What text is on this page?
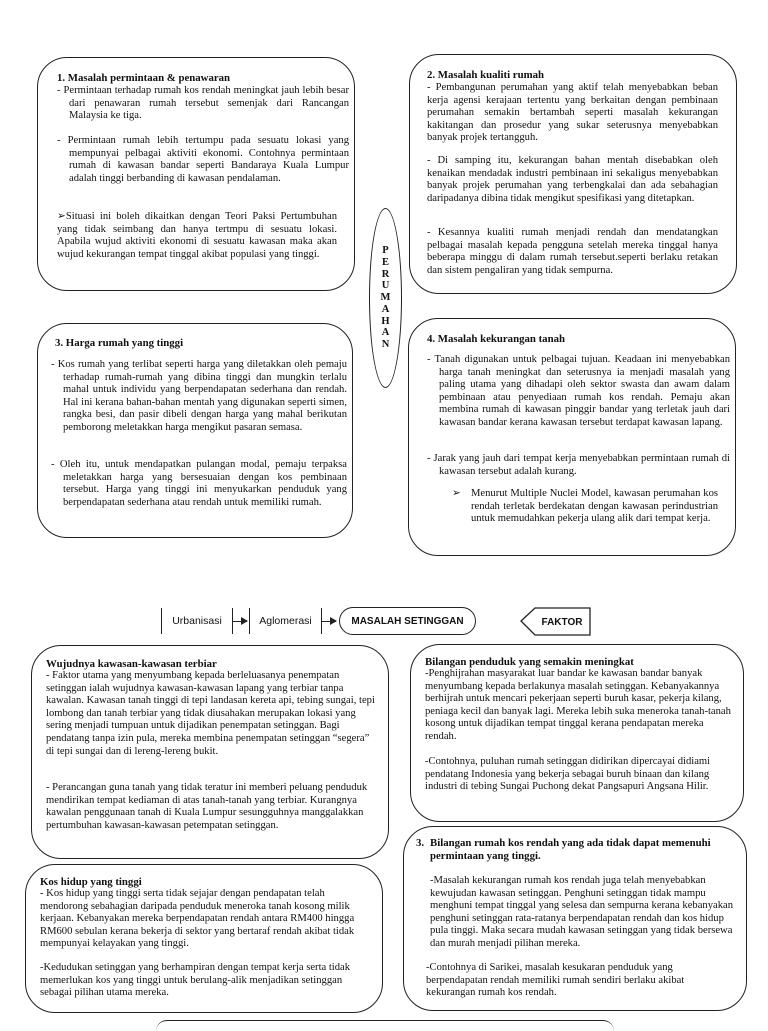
1. Masalah permintaan & penawaran

- Permintaan terhadap rumah kos rendah meningkat jauh lebih besar dari penawaran rumah tersebut semenjak dari Rancangan Malaysia ke tiga.

- Permintaan rumah lebih tertumpu pada sesuatu lokasi yang mempunyai pelbagai aktiviti ekonomi. Contohnya permintaan rumah di kawasan bandar seperti Bandaraya Kuala Lumpur adalah tinggi berbanding di kawasan pendalaman.

➢Situasi ini boleh dikaitkan dengan Teori Paksi Pertumbuhan yang tidak seimbang dan hanya tertmpu di sesuatu lokasi. Apabila wujud aktiviti ekonomi di sesuatu kawasan maka akan wujud kekurangan tempat tinggal akibat populasi yang tinggi.

2. Masalah kualiti rumah

- Pembangunan perumahan yang aktif telah menyebabkan beban kerja agensi kerajaan tertentu yang berkaitan dengan pembinaan perumahan semakin bertambah seperti masalah kekurangan kakitangan dan prosedur yang sukar seterusnya menyebabkan banyak projek tertangguh.

- Di samping itu, kekurangan bahan mentah disebabkan oleh kenaikan mendadak industri pembinaan ini sekaligus menyebabkan banyak projek perumahan yang terbengkalai dan ada sebahagian daripadanya dibina tidak mengikut spesifikasi yang ditetapkan.

- Kesannya kualiti rumah menjadi rendah dan mendatangkan pelbagai masalah kepada pengguna setelah mereka tinggal hanya beberapa minggu di dalam rumah tersebut.seperti berlaku retakan dan sistem pengaliran yang tidak sempurna.

PERUMAHAN

3. Harga rumah yang tinggi

- Kos rumah yang terlibat seperti harga yang diletakkan oleh pemaju terhadap rumah-rumah yang dibina tinggi dan mungkin terlalu mahal untuk individu yang berpendapatan sederhana dan rendah. Hal ini kerana bahan-bahan mentah yang digunakan seperti simen, rangka besi, dan pasir dibeli dengan harga yang mahal berikutan pemborong meletakkan harga mengikut pasaran semasa.

- Oleh itu, untuk mendapatkan pulangan modal, pemaju terpaksa meletakkan harga yang bersesuaian dengan kos pembinaan tersebut. Harga yang tinggi ini menyukarkan penduduk yang berpendapatan sederhana atau rendah untuk memiliki rumah.

4. Masalah kekurangan tanah

- Tanah digunakan untuk pelbagai tujuan. Keadaan ini menyebabkan harga tanah meningkat dan seterusnya ia menjadi masalah yang paling utama yang dihadapi oleh sektor swasta dan awam dalam pembinaan atau penyediaan rumah kos rendah. Pemaju akan membina rumah di kawasan pinggir bandar yang terletak jauh dari kawasan bandar kerana kawasan tersebut terdapat kawasan lapang.

- Jarak yang jauh dari tempat kerja menyebabkan permintaan rumah di kawasan tersebut adalah kurang.

➢ Menurut Multiple Nuclei Model, kawasan perumahan kos rendah terletak berdekatan dengan kawasan perindustrian untuk memudahkan pekerja ulang alik dari tempat kerja.

Urbanisasi	Aglomerasi	MASALAH SETINGGAN	FAKTOR

Wujudnya kawasan-kawasan terbiar

- Faktor utama yang menyumbang kepada berleluasanya penempatan setinggan ialah wujudnya kawasan-kawasan lapang yang terbiar tanpa kawalan. Kawasan tanah tinggi di tepi landasan kereta api, tebing sungai, tepi lombong dan tanah terbiar yang tidak diusahakan merupakan lokasi yang sering menjadi tumpuan untuk dijadikan penempatan setinggan. Bagi pendatang tanpa izin pula, mereka membina penempatan setinggan “segera” di tepi sungai dan di lereng-lereng bukit.

- Perancangan guna tanah yang tidak teratur ini memberi peluang penduduk mendirikan tempat kediaman di atas tanah-tanah yang terbiar. Kurangnya kawalan penggunaan tanah di Kuala Lumpur sesungguhnya manggalakkan pertumbuhan kawasan-kawasan petempatan setinggan.

Bilangan penduduk yang semakin meningkat

-Penghijrahan masyarakat luar bandar ke kawasan bandar banyak menyumbang kepada berlakunya masalah setinggan. Kebanyakannya berhijrah untuk mencari pekerjaan seperti buruh kasar, pekerja kilang, peniaga kecil dan banyak lagi. Mereka lebih suka meneroka tanah-tanah kosong untuk dijadikan tempat tinggal kerana pendapatan mereka rendah.

-Contohnya, puluhan rumah setinggan didirikan dipercayai didiami pendatang Indonesia yang bekerja sebagai buruh binaan dan kilang industri di tebing Sungai Puchong dekat Pangsapuri Angsana Hilir.

Kos hidup yang tinggi

- Kos hidup yang tinggi serta tidak sejajar dengan pendapatan telah mendorong sebahagian daripada penduduk meneroka tanah kosong milik kerjaan. Kebanyakan mereka berpendapatan rendah antara RM400 hingga RM600 sebulan kerana bekerja di sektor yang bertaraf rendah akibat tidak mempunyai kelayakan yang tinggi.

-Kedudukan setinggan yang berhampiran dengan tempat kerja serta tidak memerlukan kos yang tinggi untuk berulang-alik menjadikan setinggan sebagai pilihan utama mereka.

3. Bilangan rumah kos rendah yang ada tidak dapat memenuhi permintaan yang tinggi.

-Masalah kekurangan rumah kos rendah juga telah menyebabkan kewujudan kawasan setinggan. Penghuni setinggan tidak mampu menghuni tempat tinggal yang selesa dan sempurna kerana kebanyakan penghuni setinggan rata-ratanya berpendapatan rendah dan kos hidup pula tinggi. Maka secara mudah kawasan setinggan yang tidak bersewa dan murah menjadi pilihan mereka.

-Contohnya di Sarikei, masalah kesukaran penduduk yang berpendapatan rendah memiliki rumah sendiri berlaku akibat kekurangan rumah kos rendah.
